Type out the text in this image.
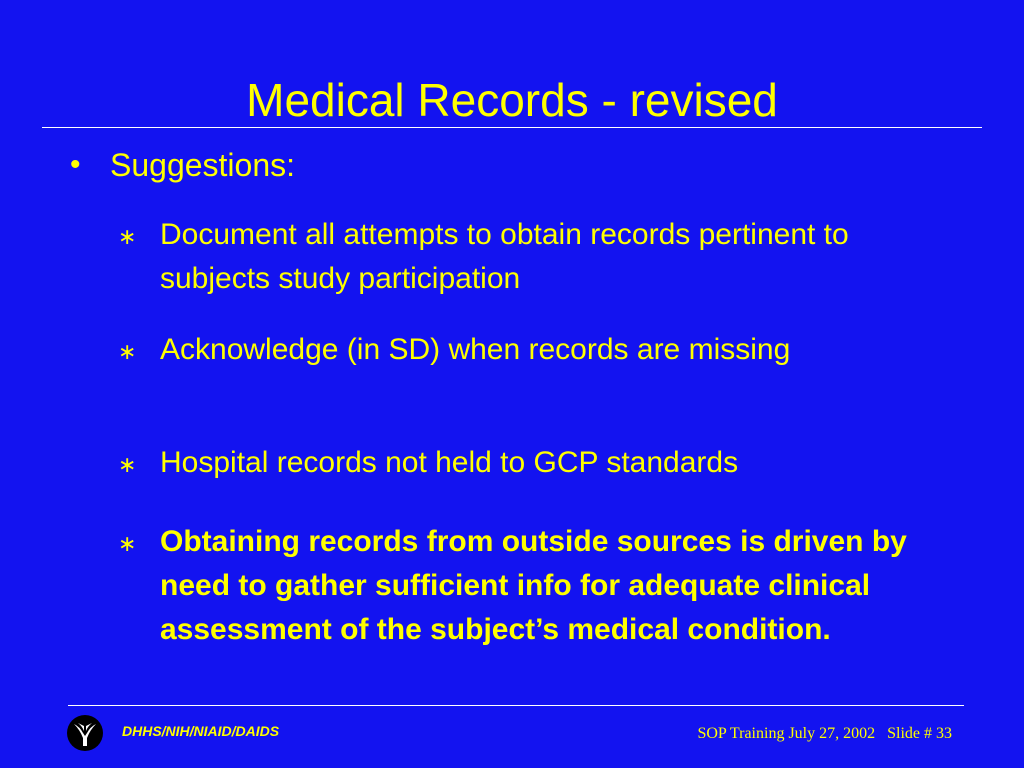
Medical Records - revised
• Suggestions:
∗ Document all attempts to obtain records pertinent to subjects study participation
∗ Acknowledge (in SD) when records are missing
∗ Hospital records not held to GCP standards
∗ Obtaining records from outside sources is driven by need to gather sufficient info for adequate clinical assessment of the subject’s medical condition.
DHHS/NIH/NIAID/DAIDS	SOP Training July 27, 2002 Slide # 33
